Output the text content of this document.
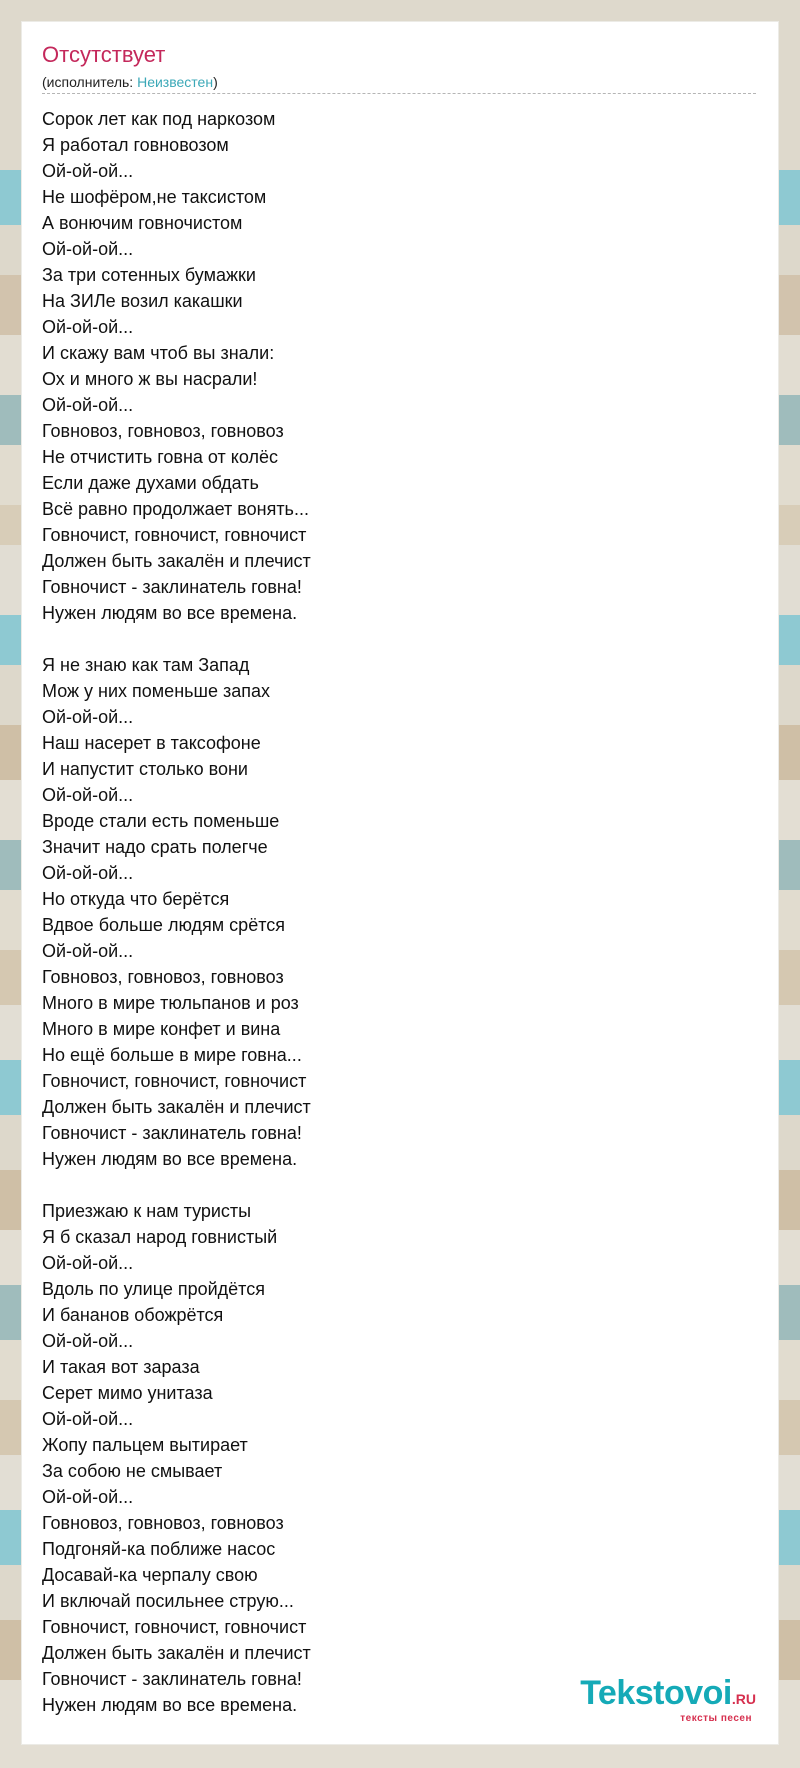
Отсутствует
(исполнитель: Неизвестен)
Сорок лет как под наркозом
Я работал говновозом
Ой-ой-ой...
Не шофёром,не таксистом
А вонючим говночистом
Ой-ой-ой...
За три сотенных бумажки
На ЗИЛе возил какашки
Ой-ой-ой...
И скажу вам чтоб вы знали:
Ох и много ж вы насрали!
Ой-ой-ой...
Говновоз, говновоз, говновоз
Не отчистить говна от колёс
Если даже духами обдать
Всё равно продолжает вонять...
Говночист, говночист, говночист
Должен быть закалён и плечист
Говночист - заклинатель говна!
Нужен людям во все времена.
Я не знаю как там Запад
Мож у них поменьше запах
Ой-ой-ой...
Наш насерет в таксофоне
И напустит столько вони
Ой-ой-ой...
Вроде стали есть поменьше
Значит надо срать полегче
Ой-ой-ой...
Но откуда что берётся
Вдвое больше людям срётся
Ой-ой-ой...
Говновоз, говновоз, говновоз
Много в мире тюльпанов и роз
Много в мире конфет и вина
Но ещё больше в мире говна...
Говночист, говночист, говночист
Должен быть закалён и плечист
Говночист - заклинатель говна!
Нужен людям во все времена.
Приезжаю к нам туристы
Я б сказал народ говнистый
Ой-ой-ой...
Вдоль по улице пройдётся
И бананов обожрётся
Ой-ой-ой...
И такая вот зараза
Серет мимо унитаза
Ой-ой-ой...
Жопу пальцем вытирает
За собою не смывает
Ой-ой-ой...
Говновоз, говновоз, говновоз
Подгоняй-ка поближе насос
Досавай-ка черпалу свою
И включай посильнее струю...
Говночист, говночист, говночист
Должен быть закалён и плечист
Говночист - заклинатель говна!
Нужен людям во все времена.	Tekstovoi.RU
тексты песен
